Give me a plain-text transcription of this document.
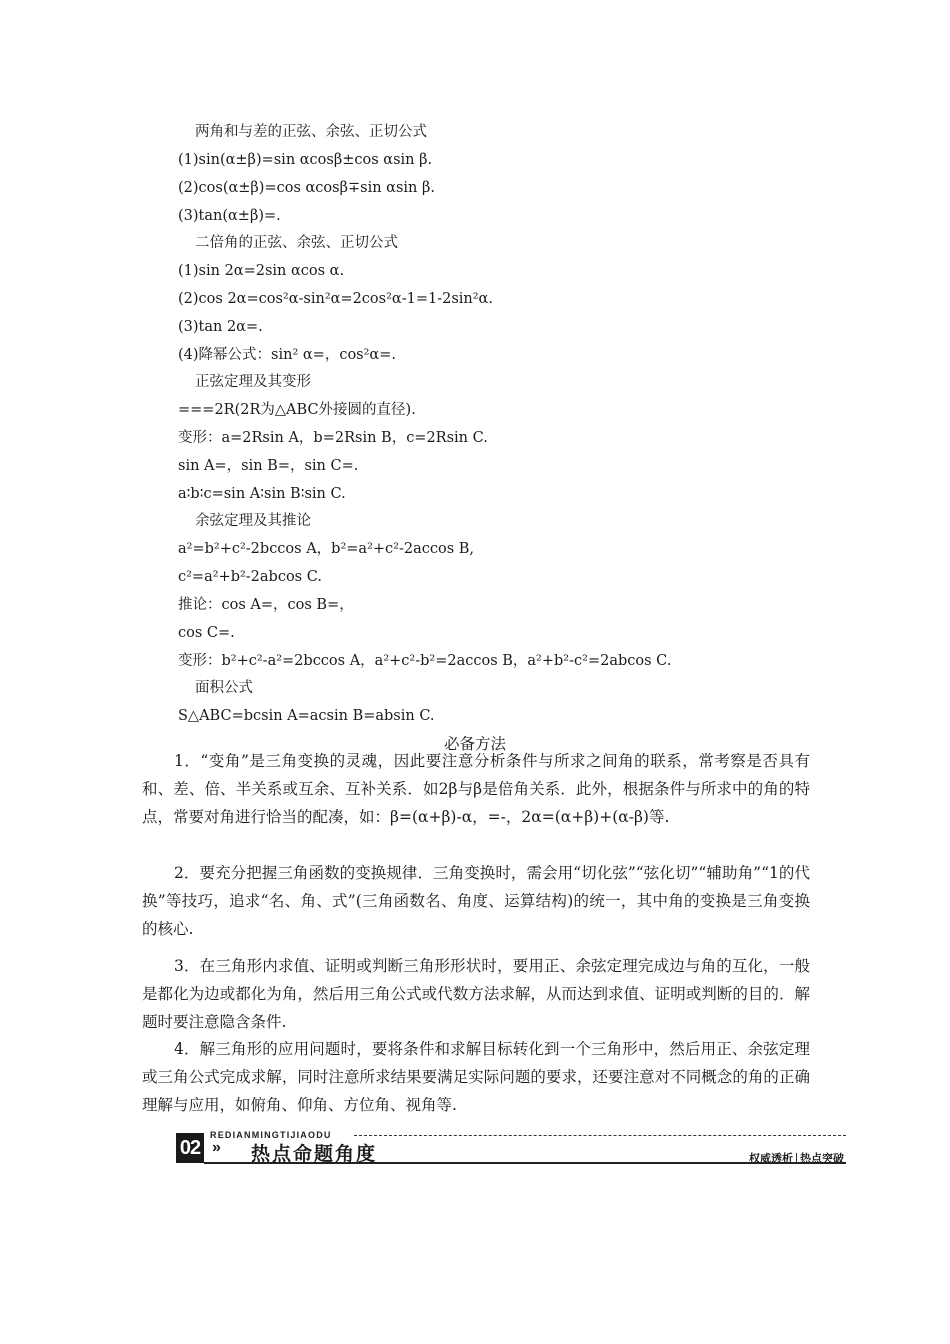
两角和与差的正弦、余弦、正切公式
(1)sin(α±β)=sin αcosβ±cos αsin β.
(2)cos(α±β)=cos αcosβ∓sin αsin β.
(3)tan(α±β)=.
二倍角的正弦、余弦、正切公式
(1)sin 2α=2sin αcos α.
(2)cos 2α=cos²α-sin²α=2cos²α-1=1-2sin²α.
(3)tan 2α=.
(4)降幂公式：sin² α=，cos²α=.
正弦定理及其变形
===2R(2R为△ABC外接圆的直径).
变形：a=2Rsin A，b=2Rsin B，c=2Rsin C.
sin A=，sin B=，sin C=.
a∶b∶c=sin A∶sin B∶sin C.
余弦定理及其推论
a²=b²+c²-2bccos A，b²=a²+c²-2accos B,
c²=a²+b²-2abcos C.
推论：cos A=，cos B=，
cos C=.
变形：b²+c²-a²=2bccos A，a²+c²-b²=2accos B，a²+b²-c²=2abcos C.
面积公式
S△ABC=bcsin A=acsin B=absin C.
必备方法

1．“变角”是三角变换的灵魂，因此要注意分析条件与所求之间角的联系，常考察是否具有和、差、倍、半关系或互余、互补关系．如2β与β是倍角关系．此外，根据条件与所求中的角的特点，常要对角进行恰当的配凑，如：β=(α+β)-α，=-，2α=(α+β)+(α-β)等.

2．要充分把握三角函数的变换规律．三角变换时，需会用“切化弦”“弦化切”“辅助角”“1的代换”等技巧，追求“名、角、式”(三角函数名、角度、运算结构)的统一，其中角的变换是三角变换的核心.

3．在三角形内求值、证明或判断三角形形状时，要用正、余弦定理完成边与角的互化，一般是都化为边或都化为角，然后用三角公式或代数方法求解，从而达到求值、证明或判断的目的．解题时要注意隐含条件.

4．解三角形的应用问题时，要将条件和求解目标转化到一个三角形中，然后用正、余弦定理或三角公式完成求解，同时注意所求结果要满足实际问题的要求，还要注意对不同概念的角的正确理解与应用，如俯角、仰角、方位角、视角等.

02
REDIANMINGTIJIAODU
» 热点命题角度	权威透析 热点突破
